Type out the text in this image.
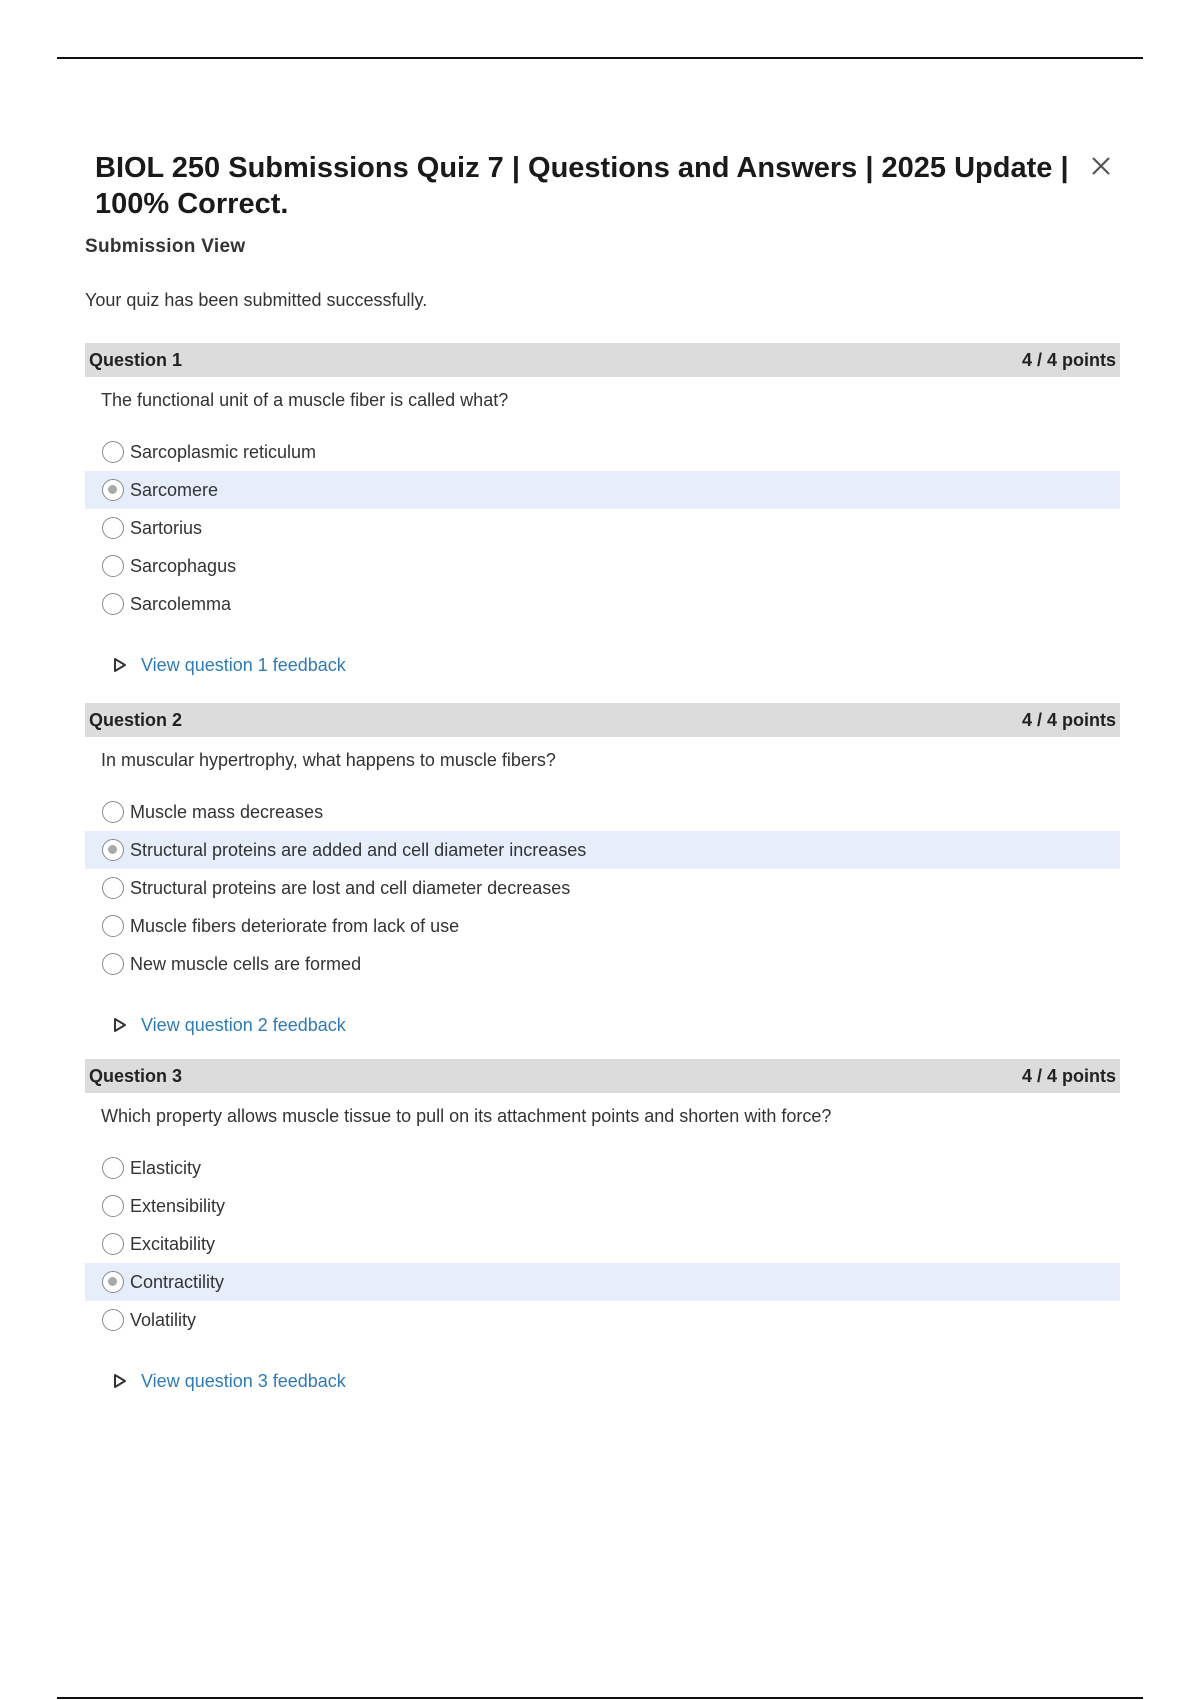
BIOL 250 Submissions Quiz 7 | Questions and Answers | 2025 Update | 100% Correct.
Submission View
Your quiz has been submitted successfully.
Question 1	4 / 4 points
The functional unit of a muscle fiber is called what?
Sarcoplasmic reticulum
Sarcomere
Sartorius
Sarcophagus
Sarcolemma
View question 1 feedback
Question 2	4 / 4 points
In muscular hypertrophy, what happens to muscle fibers?
Muscle mass decreases
Structural proteins are added and cell diameter increases
Structural proteins are lost and cell diameter decreases
Muscle fibers deteriorate from lack of use
New muscle cells are formed
View question 2 feedback
Question 3	4 / 4 points
Which property allows muscle tissue to pull on its attachment points and shorten with force?
Elasticity
Extensibility
Excitability
Contractility
Volatility
View question 3 feedback
